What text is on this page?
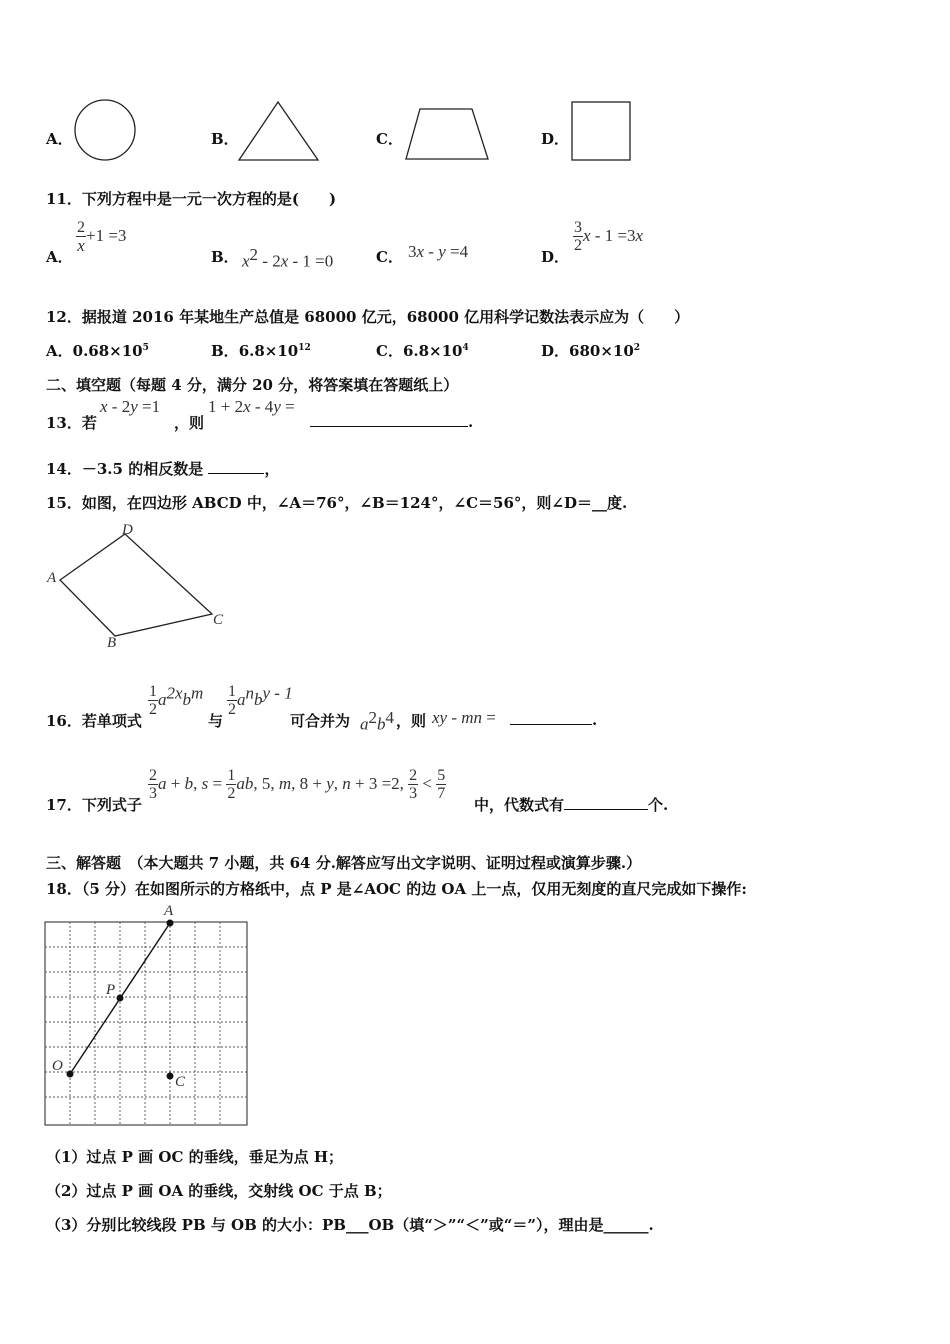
A．	B．	C．	D．
11．下列方程中是一元一次方程的是(　　)
A．
$\frac{2}{x} +1 =3$
B． $x^2 - 2x - 1 =0$	C． 3x - y =4	D．
$\frac{3}{2}$ x - 1 =3x
12．据报道 2016 年某地生产总值是 68000 亿元，68000 亿用科学记数法表示应为（　　）
A．$0.68\times 10^5$	B．$6.8\times 10^{12}$	C．$6.8\times 10^4$	D．$680\times 10^2$
二、填空题（每题 4 分，满分 20 分，将答案填在答题纸上）
13．若
x - 2y =1
，则
1 + 2x - 4y =
.
14．－3.5 的相反数是	，
15．如图，在四边形 ABCD 中，∠A＝76°，∠B＝124°，∠C＝56°，则∠D＝__度.
A
D
C
B
16．若单项式
$\frac{1}{2} a^{2x}b^m$
与
$\frac{1}{2} a^nb^{y - 1}$
可合并为 $a^2b^4$ ，则 xy - mn =	.
17．下列式子
$\frac{2}{3}$ a + b, $s = \frac{1}{2}$ ab, 5, m, 8 + y, n + 3 =2, $\frac{2}{3} < \frac{5}{7}$
中，代数式有	个.
三、解答题　（本大题共 7 小题，共 64 分.解答应写出文字说明、证明过程或演算步骤.）
18．（5 分）在如图所示的方格纸中，点 P 是∠AOC 的边 OA 上一点，仅用无刻度的直尺完成如下操作:
A
P
O
C
（1）过点 P 画 OC 的垂线，垂足为点 H；
（2）过点 P 画 OA 的垂线，交射线 OC 于点 B；
（3）分别比较线段 PB 与 OB 的大小：PB___OB（填“＞”“＜”或“＝”），理由是______.
